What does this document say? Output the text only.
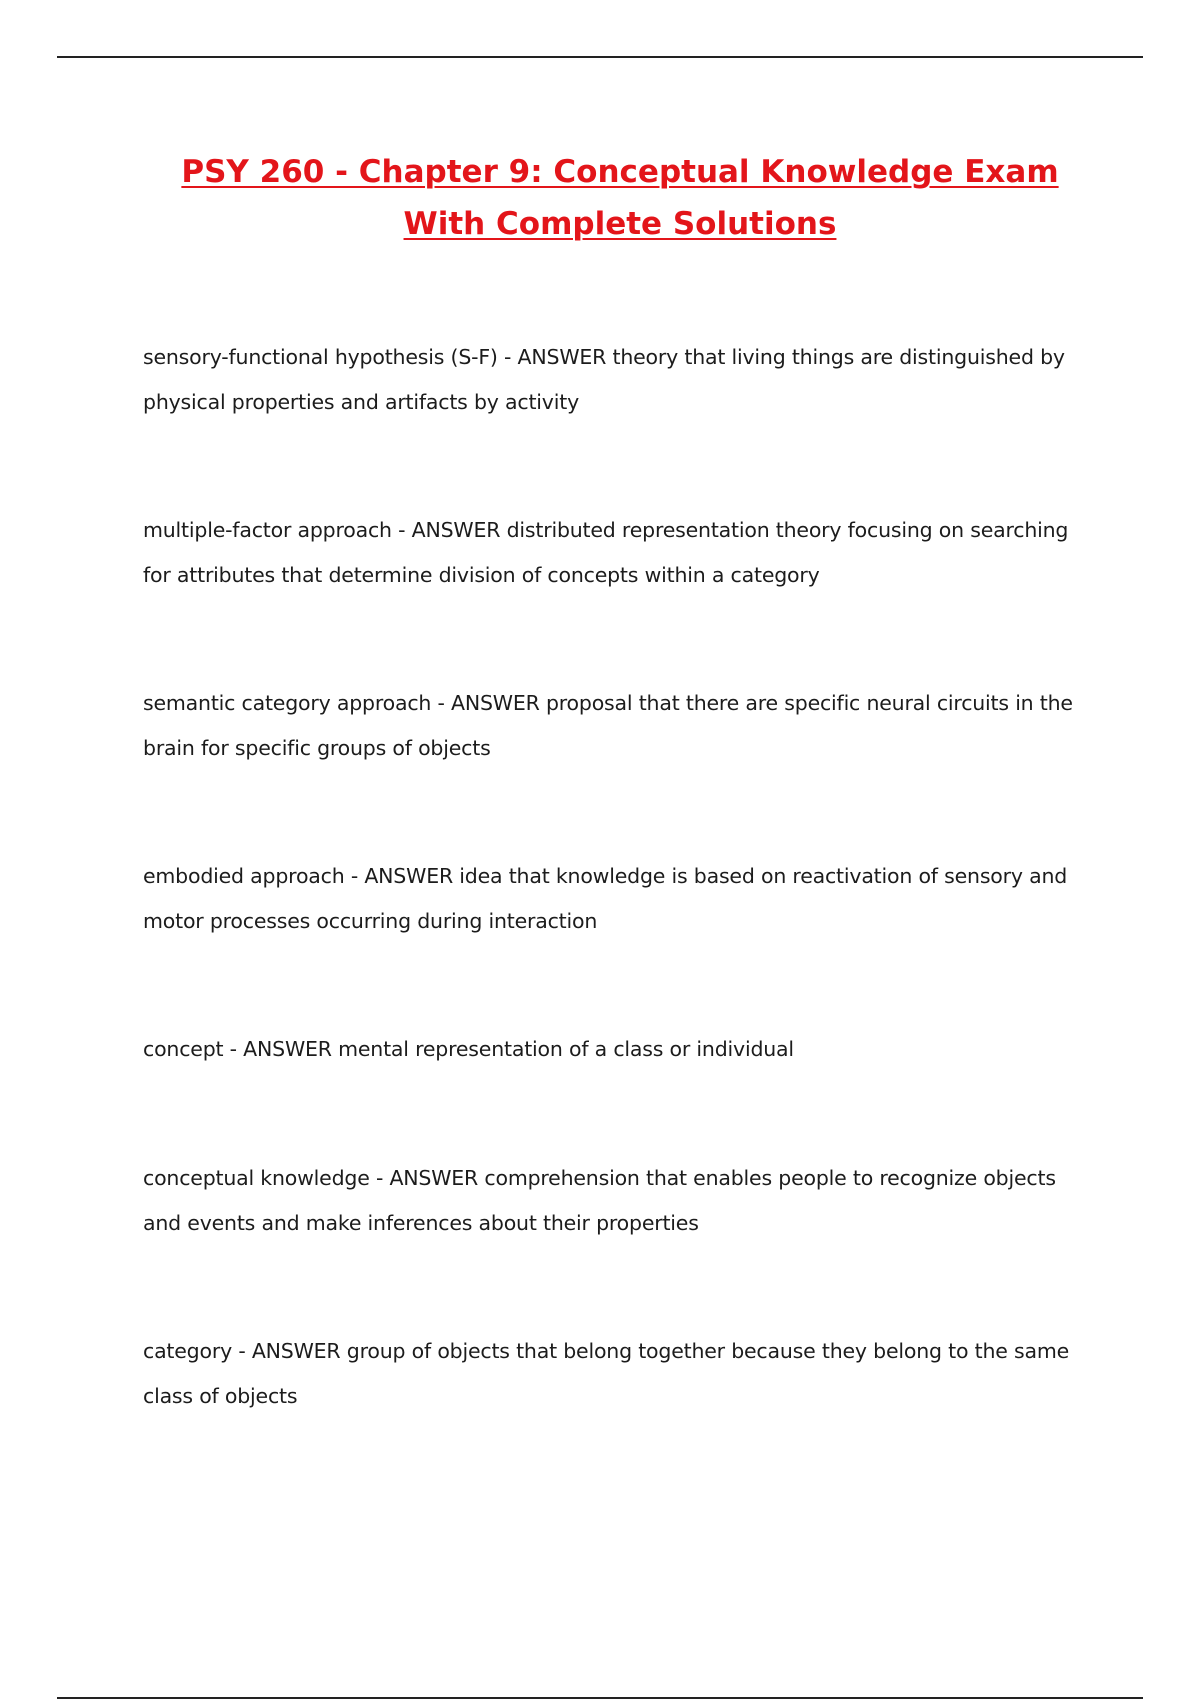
PSY 260 - Chapter 9: Conceptual Knowledge Exam
With Complete Solutions

sensory-functional hypothesis (S-F) - ANSWER theory that living things are distinguished by physical properties and artifacts by activity

multiple-factor approach - ANSWER distributed representation theory focusing on searching for attributes that determine division of concepts within a category

semantic category approach - ANSWER proposal that there are specific neural circuits in the brain for specific groups of objects

embodied approach - ANSWER idea that knowledge is based on reactivation of sensory and motor processes occurring during interaction

concept - ANSWER mental representation of a class or individual

conceptual knowledge - ANSWER comprehension that enables people to recognize objects and events and make inferences about their properties

category - ANSWER group of objects that belong together because they belong to the same class of objects
